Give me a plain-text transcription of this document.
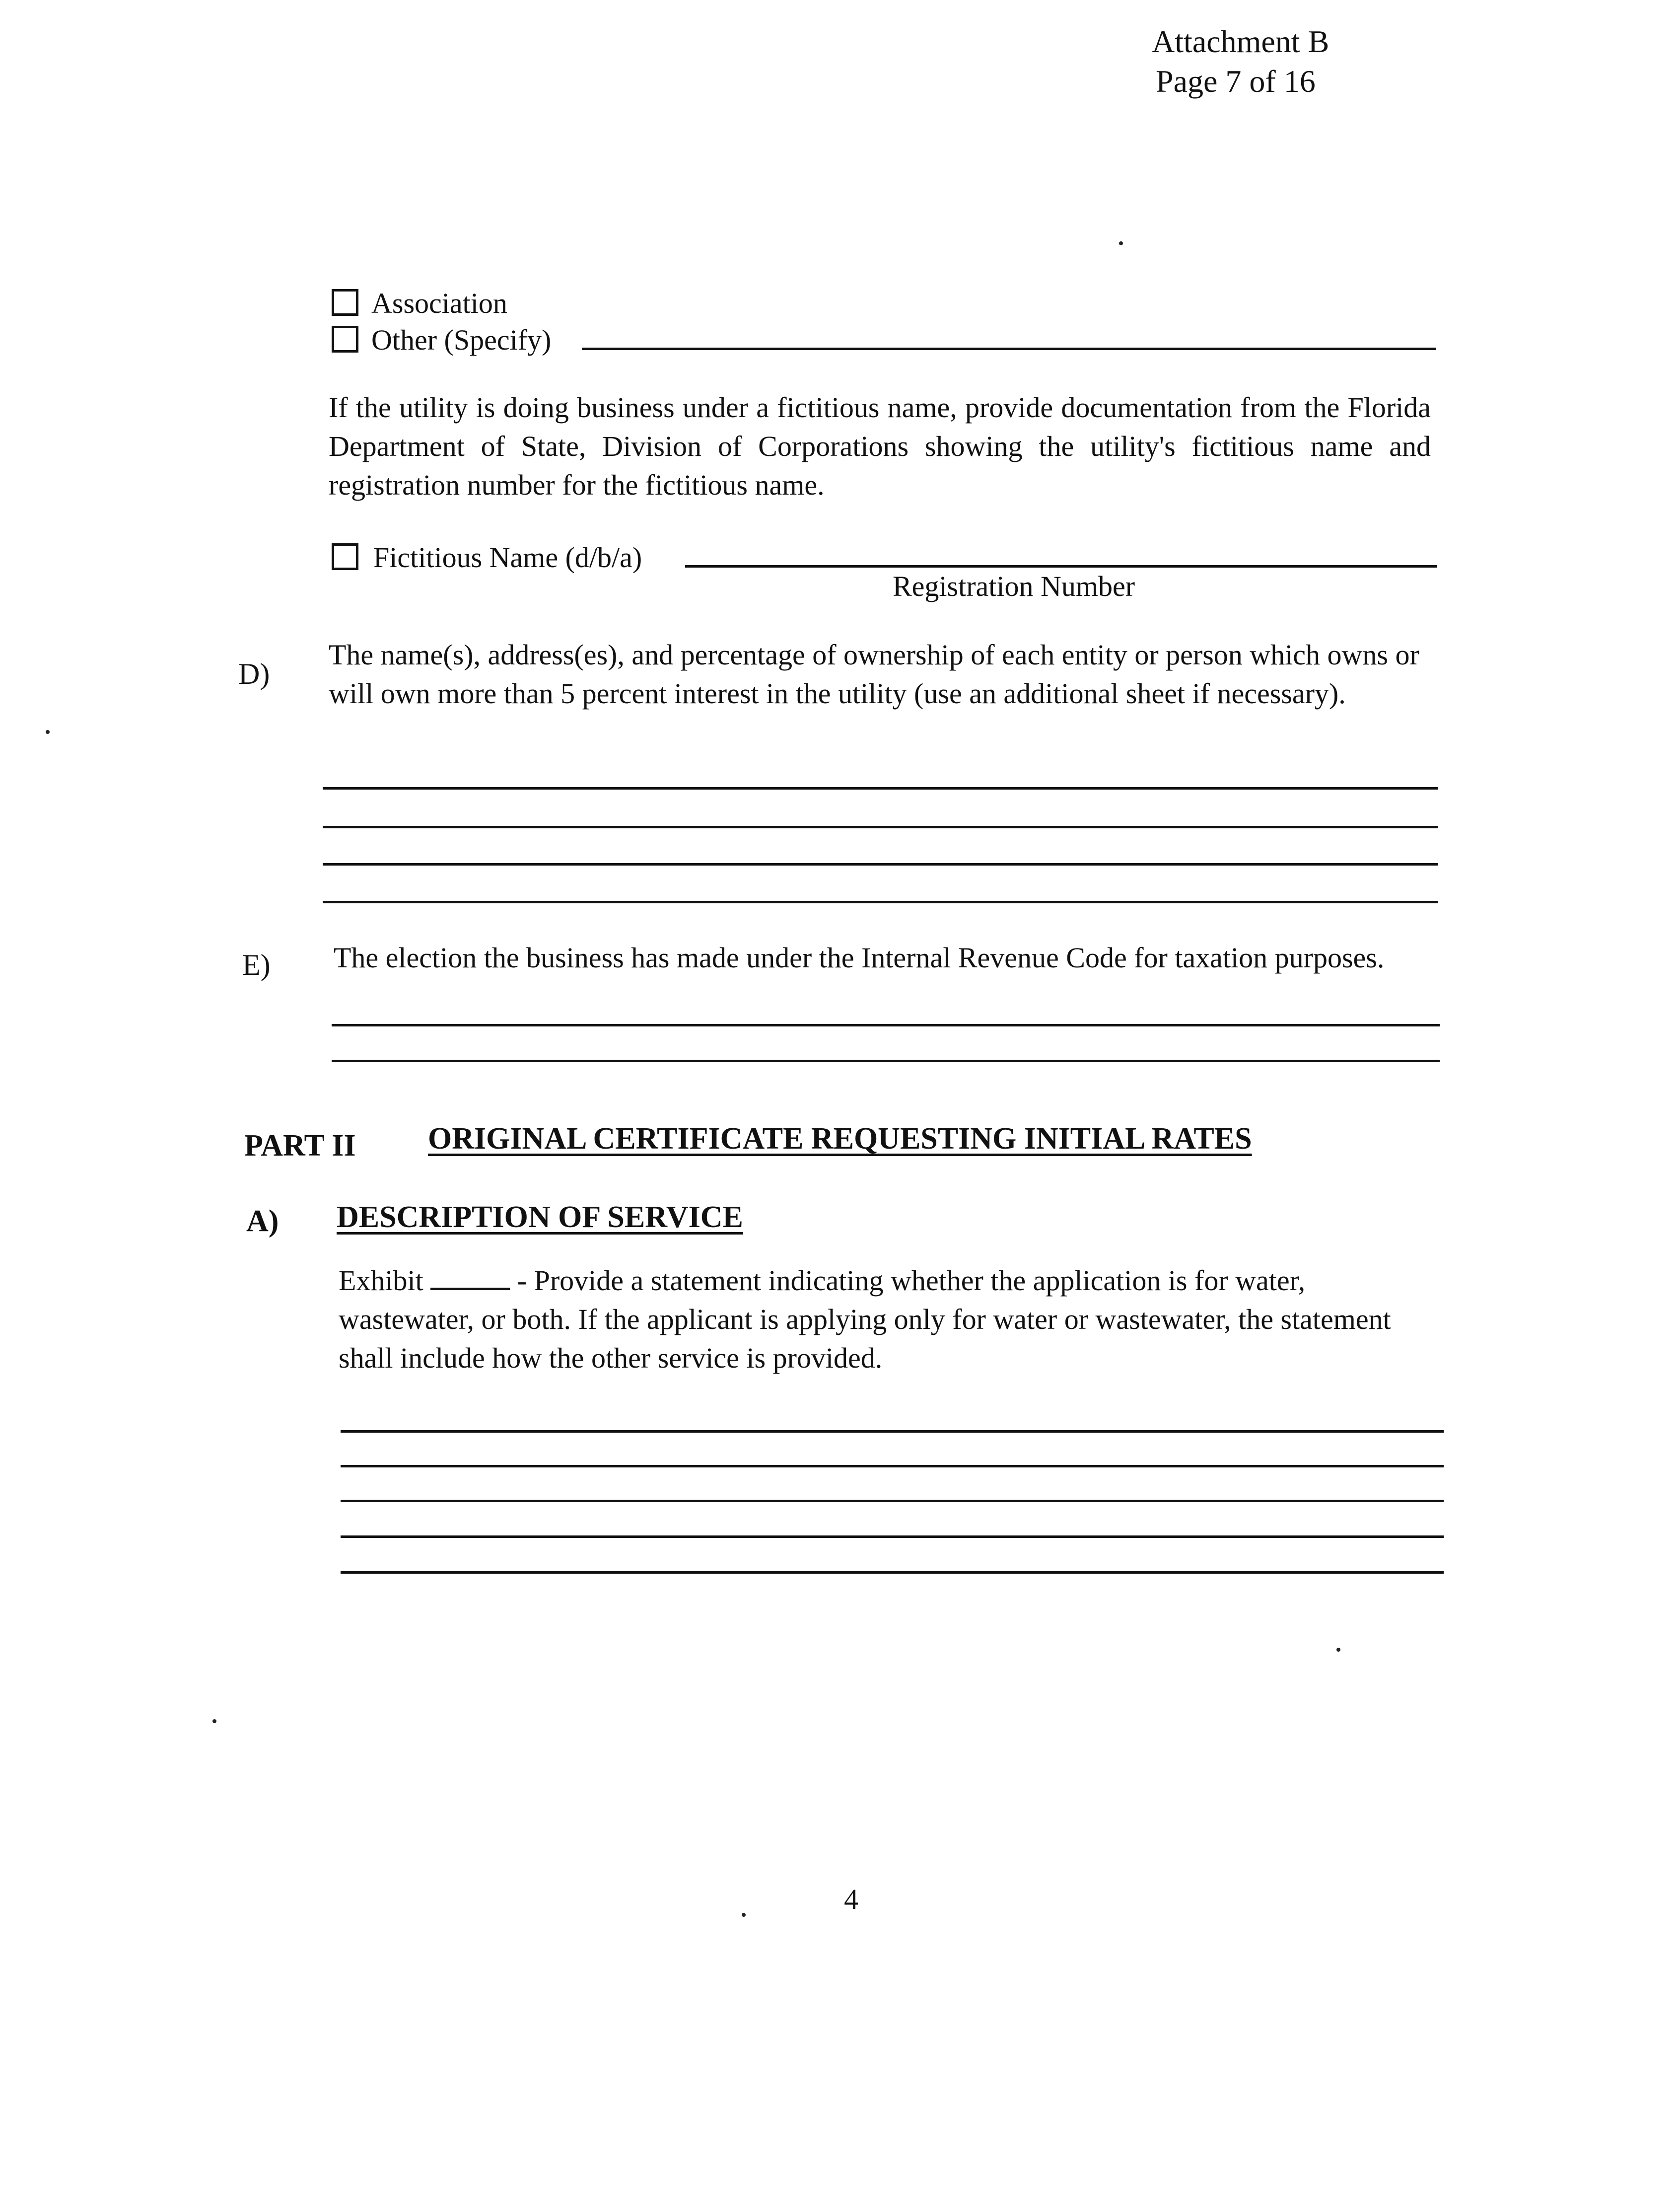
Attachment B
Page 7 of 16
Association
Other (Specify)
If the utility is doing business under a fictitious name, provide documentation from the Florida Department of State, Division of Corporations showing the utility's fictitious name and registration number for the fictitious name.
Fictitious Name (d/b/a)
Registration Number
D)
The name(s), address(es), and percentage of ownership of each entity or person which owns or will own more than 5 percent interest in the utility (use an additional sheet if necessary).
E) The election the business has made under the Internal Revenue Code for taxation purposes.
PART II ORIGINAL CERTIFICATE REQUESTING INITIAL RATES
A) DESCRIPTION OF SERVICE
Exhibit	- Provide a statement indicating whether the application is for water, wastewater, or both. If the applicant is applying only for water or wastewater, the statement shall include how the other service is provided.
4
